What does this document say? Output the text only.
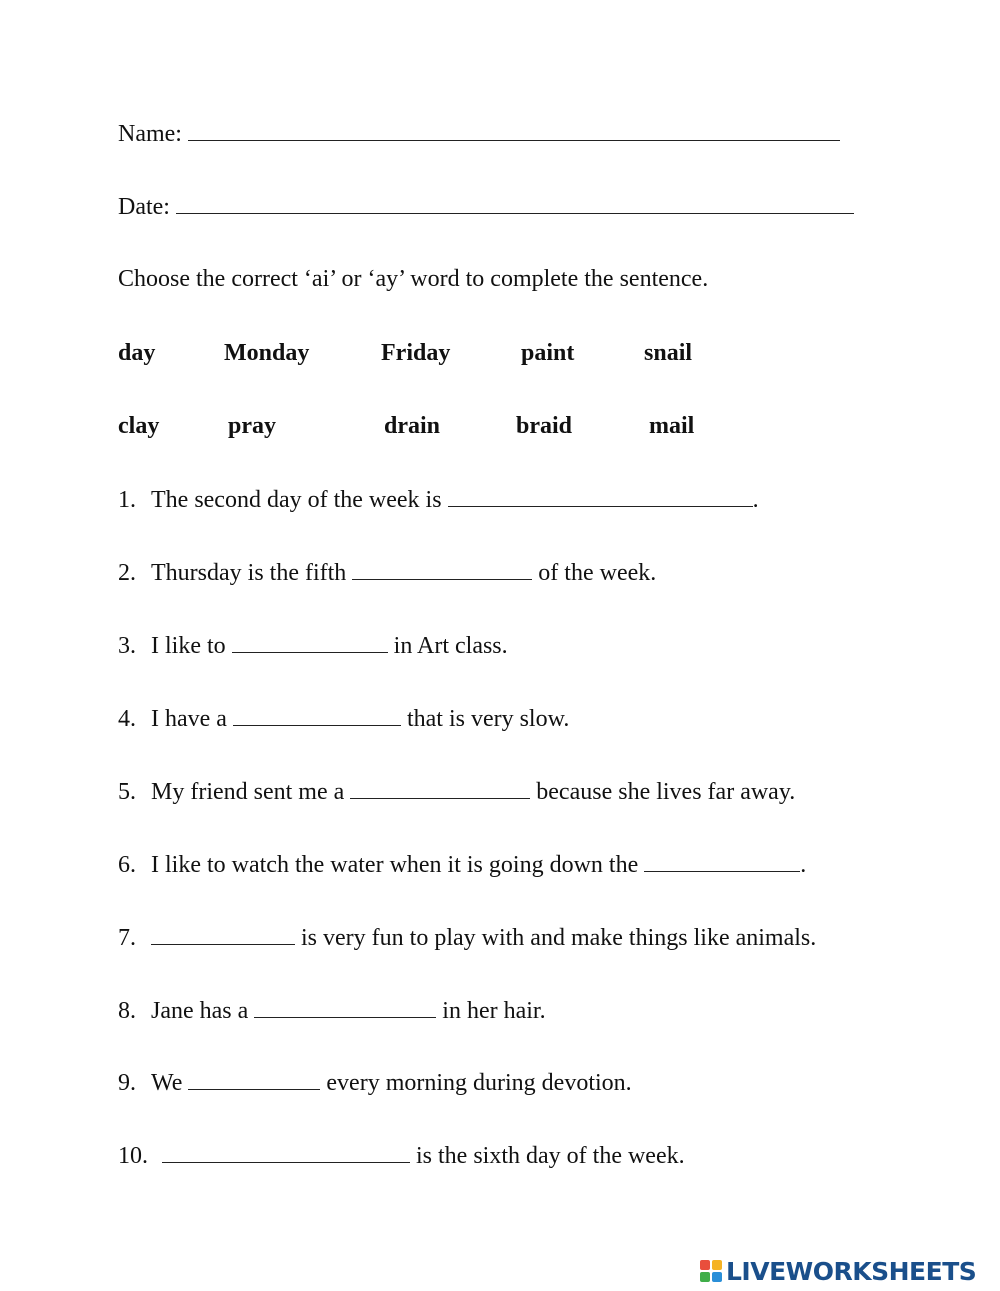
Name:
Date:
Choose the correct ‘ai’ or ‘ay’ word to complete the sentence.
day	Monday	Friday	paint	snail
clay	pray	drain	braid	mail
1. The second day of the week is	.
2. Thursday is the fifth	of the week.
3. I like to	in Art class.
4. I have a	that is very slow.
5. My friend sent me a	because she lives far away.
6. I like to watch the water when it is going down the	.
7.	is very fun to play with and make things like animals.
8. Jane has a	in her hair.
9. We	every morning during devotion.
10.	is the sixth day of the week.
LIVEWORKSHEETS
